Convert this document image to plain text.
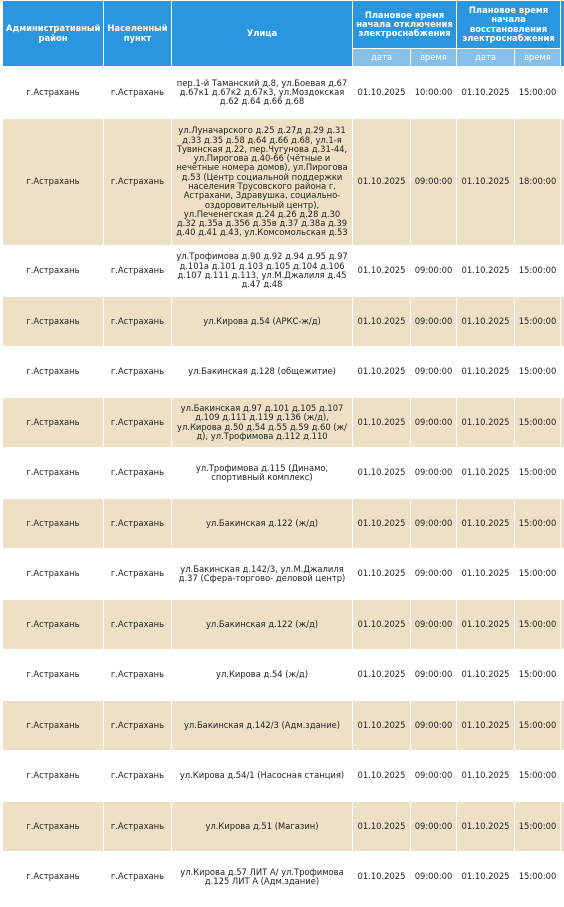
Административный район	Населенный пункт	Улица	Плановое время начала отключения электроснабжения		Плановое время начала восстановления электроснабжения		
			дата	время	дата	время	
г.Астрахань	г.Астрахань	пер.1-й Таманский д.8, ул.Боевая д.67 д.67к1 д.67к2 д.67к3, ул.Моздокская д.62 д.64 д.66 д.68	01.10.2025	10:00:00	01.10.2025	15:00:00	
г.Астрахань	г.Астрахань	ул.Луначарского д.25 д.27д д.29 д.31 д.33 д.35 д.58 д.64 д.66 д.68, ул.1-я Тувинская д.22, пер.Чугунова д.31-44, ул.Пирогова д.40-66 (чётные и нечётные номера домов), ул.Пирогова д.53 (Центр социальной поддержки населения Трусовского района г. Астрахани, Здравушка, социально-оздоровительный центр), ул.Печенегская д.24 д.26 д.28 д.30 д.32 д.35а д.356 д.35в д.37 д.38а д.39 д.40 д.41 д.43, ул.Комсомольская д.53	01.10.2025	09:00:00	01.10.2025	18:00:00	
г.Астрахань	г.Астрахань	ул.Трофимова д.90 д.92 д.94 д.95 д.97 д.101а д.101 д.103 д.105 д.104 д.106 д.107 д.111 д.113, ул.М.Джалиля д.45 д.47 д.48	01.10.2025	09:00:00	01.10.2025	15:00:00	
г.Астрахань	г.Астрахань	ул.Кирова д.54 (АРКС-ж/д)	01.10.2025	09:00:00	01.10.2025	15:00:00	
г.Астрахань	г.Астрахань	ул.Бакинская д.128 (общежитие)	01.10.2025	09:00:00	01.10.2025	15:00:00	
г.Астрахань	г.Астрахань	ул.Бакинская д.97 д.101 д.105 д.107 д.109 д.111 д.119 д.136 (ж/д), ул.Кирова д.50 д.54 д.55 д.59 д.60 (ж/ д), ул.Трофимова д.112 д.110	01.10.2025	09:00:00	01.10.2025	15:00:00	
г.Астрахань	г.Астрахань	ул.Трофимова д.115 (Динамо, спортивный комплекс)	01.10.2025	09:00:00	01.10.2025	15:00:00	
г.Астрахань	г.Астрахань	ул.Бакинская д.122 (ж/д)	01.10.2025	09:00:00	01.10.2025	15:00:00	
г.Астрахань	г.Астрахань	ул.Бакинская д.142/3, ул.М.Джалиля д.37 (Сфера-торгово- деловой центр)	01.10.2025	09:00:00	01.10.2025	15:00:00	
г.Астрахань	г.Астрахань	ул.Бакинская д.122 (ж/д)	01.10.2025	09:00:00	01.10.2025	15:00:00	
г.Астрахань	г.Астрахань	ул.Кирова д.54 (ж/д)	01.10.2025	09:00:00	01.10.2025	15:00:00	
г.Астрахань	г.Астрахань	ул.Бакинская д.142/3 (Адм.здание)	01.10.2025	09:00:00	01.10.2025	15:00:00	
г.Астрахань	г.Астрахань	ул.Кирова д.54/1 (Насосная станция)	01.10.2025	09:00:00	01.10.2025	15:00:00	
г.Астрахань	г.Астрахань	ул.Кирова д.51 (Магазин)	01.10.2025	09:00:00	01.10.2025	15:00:00	
г.Астрахань	г.Астрахань	ул.Кирова д.57 ЛИТ А/ ул.Трофимова д.125 ЛИТ А (Адм.здание)	01.10.2025	09:00:00	01.10.2025	15:00:00	
